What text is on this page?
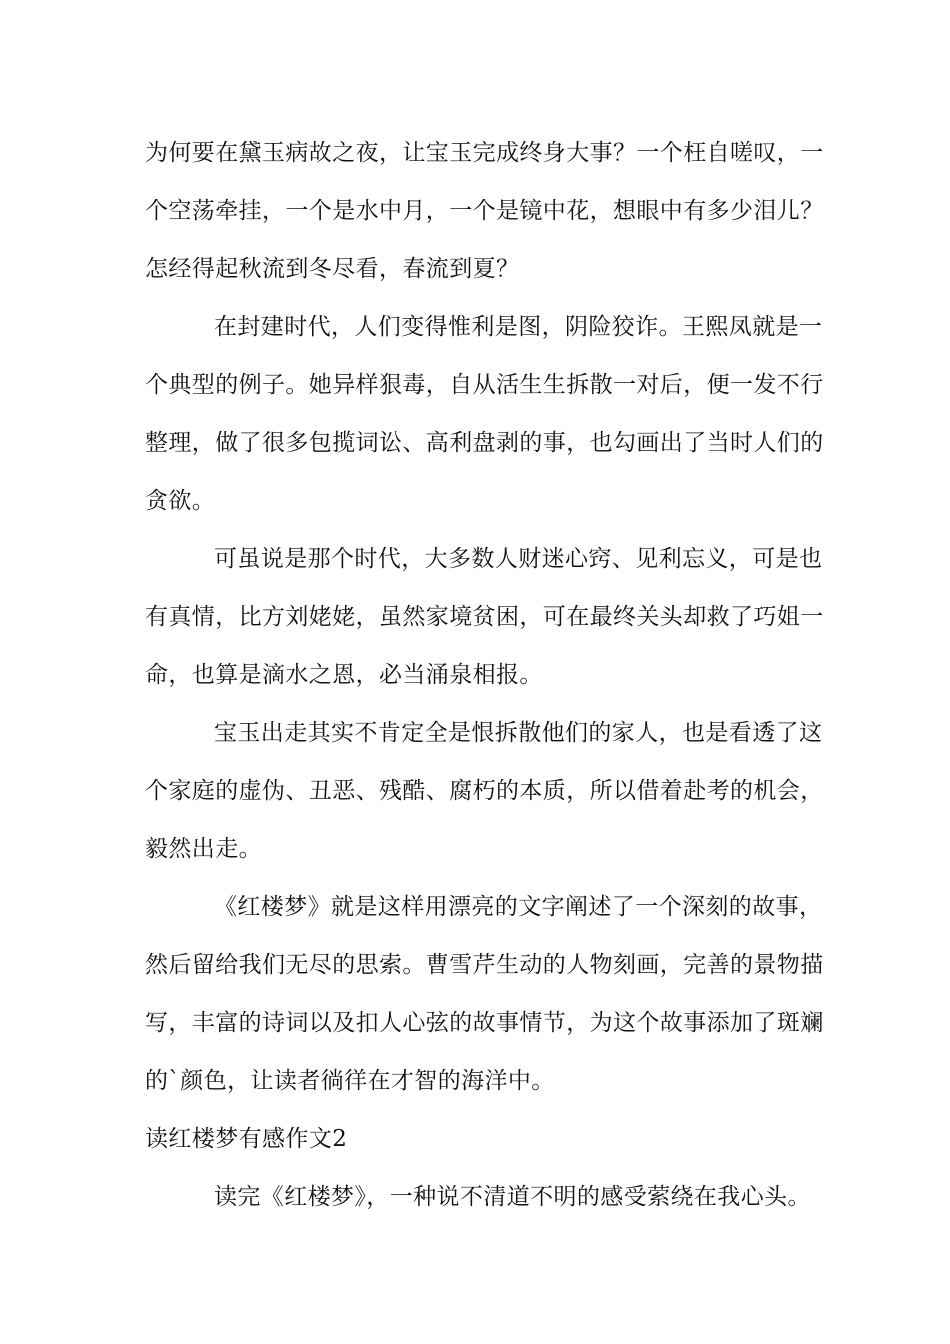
为何要在黛玉病故之夜，让宝玉完成终身大事？一个枉自嗟叹，一
个空荡牵挂，一个是水中月，一个是镜中花，想眼中有多少泪儿？
怎经得起秋流到冬尽看，春流到夏？

在封建时代，人们变得惟利是图，阴险狡诈。王熙凤就是一
个典型的例子。她异样狠毒，自从活生生拆散一对后，便一发不行
整理，做了很多包揽词讼、高利盘剥的事，也勾画出了当时人们的
贪欲。

可虽说是那个时代，大多数人财迷心窍、见利忘义，可是也
有真情，比方刘姥姥，虽然家境贫困，可在最终关头却救了巧姐一
命，也算是滴水之恩，必当涌泉相报。

宝玉出走其实不肯定全是恨拆散他们的家人，也是看透了这
个家庭的虚伪、丑恶、残酷、腐朽的本质，所以借着赴考的机会，
毅然出走。

《红楼梦》就是这样用漂亮的文字阐述了一个深刻的故事，
然后留给我们无尽的思索。曹雪芹生动的人物刻画，完善的景物描
写，丰富的诗词以及扣人心弦的故事情节，为这个故事添加了斑斓
的`颜色，让读者徜徉在才智的海洋中。

读红楼梦有感作文2

读完《红楼梦》，一种说不清道不明的感受萦绕在我心头。
